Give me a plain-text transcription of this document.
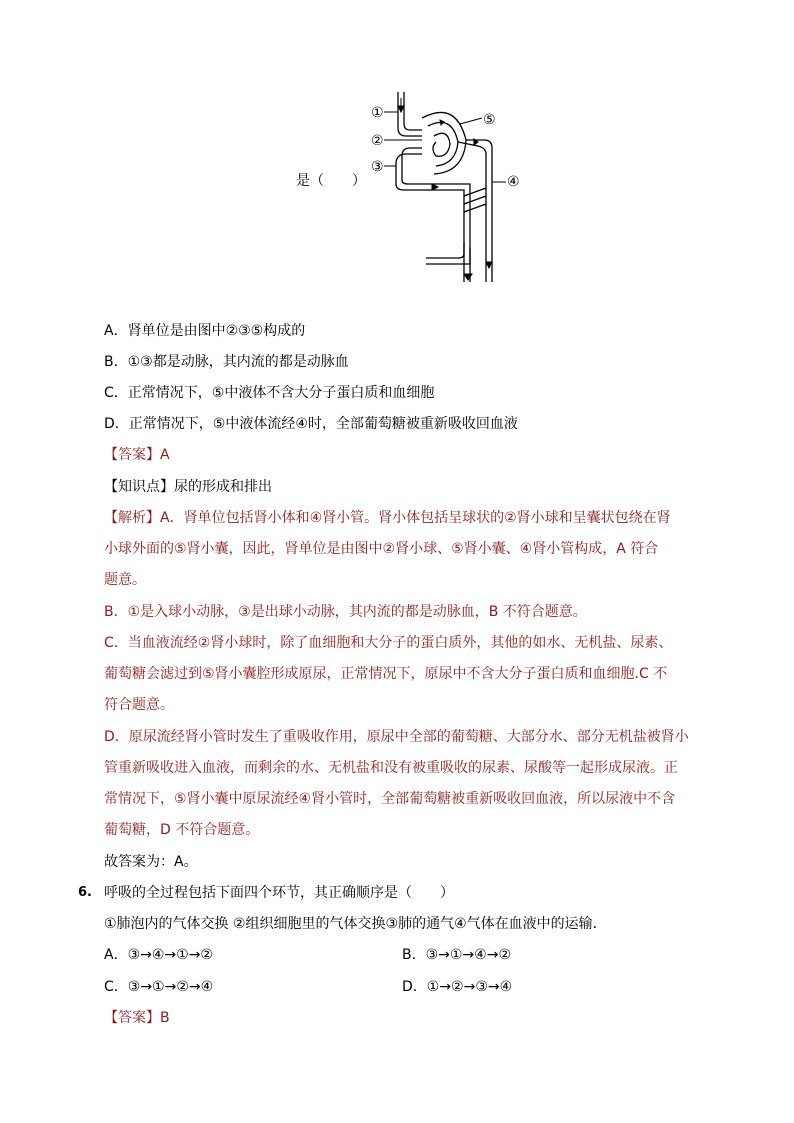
①
②
③
④
⑤
是（　　）
A．肾单位是由图中②③⑤构成的
B．①③都是动脉，其内流的都是动脉血
C．正常情况下，⑤中液体不含大分子蛋白质和血细胞
D．正常情况下，⑤中液体流经④时，全部葡萄糖被重新吸收回血液
【答案】A
【知识点】尿的形成和排出
【解析】A．肾单位包括肾小体和④肾小管。肾小体包括呈球状的②肾小球和呈囊状包绕在肾
小球外面的⑤肾小囊，因此，肾单位是由图中②肾小球、⑤肾小囊、④肾小管构成，A 符合
题意。
B．①是入球小动脉，③是出球小动脉，其内流的都是动脉血，B 不符合题意。
C．当血液流经②肾小球时，除了血细胞和大分子的蛋白质外，其他的如水、无机盐、尿素、
葡萄糖会滤过到⑤肾小囊腔形成原尿，正常情况下，原尿中不含大分子蛋白质和血细胞.C 不
符合题意。
D．原尿流经肾小管时发生了重吸收作用，原尿中全部的葡萄糖、大部分水、部分无机盐被肾小
管重新吸收进入血液，而剩余的水、无机盐和没有被重吸收的尿素、尿酸等一起形成尿液。正
常情况下，⑤肾小囊中原尿流经④肾小管时，全部葡萄糖被重新吸收回血液，所以尿液中不含
葡萄糖，D 不符合题意。
故答案为：A。
6. 呼吸的全过程包括下面四个环节，其正确顺序是（　　）
①肺泡内的气体交换 ②组织细胞里的气体交换③肺的通气④气体在血液中的运输．
A．③→④→①→②	B．③→①→④→②
C．③→①→②→④	D．①→②→③→④
【答案】B
